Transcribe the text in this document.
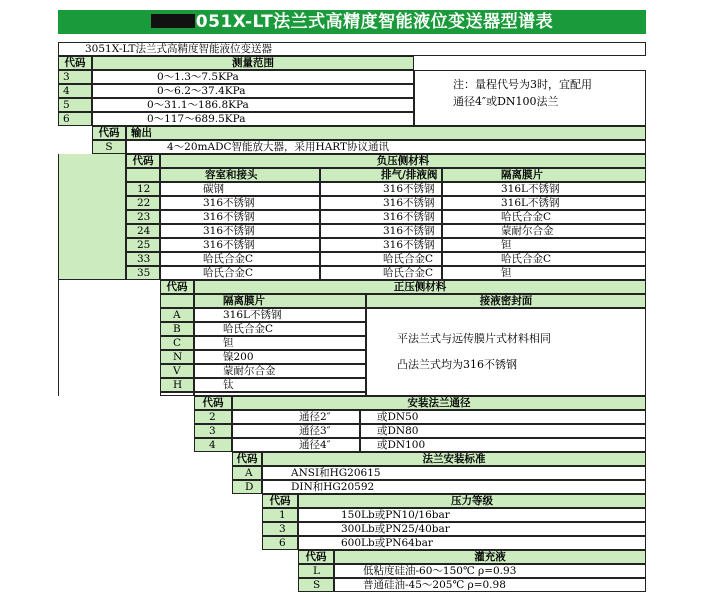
051X-LT法兰式高精度智能液位变送器型谱表
3051X-LT法兰式高精度智能液位变送器
代码	测量范围
3	0～1.3～7.5KPa
4	0～6.2～37.4KPa
5	0～31.1～186.8KPa
6	0～117～689.5KPa
注：量程代号为3时，宜配用
通径4″或DN100法兰
代码	输出
S	4～20mADC智能放大器，采用HART协议通讯
代码	负压侧材料
容室和接头	排气/排液阀	隔离膜片
12	碳钢	316不锈钢	316L不锈钢
22	316不锈钢	316不锈钢	316L不锈钢
23	316不锈钢	316不锈钢	哈氏合金C
24	316不锈钢	316不锈钢	蒙耐尔合金
25	316不锈钢	316不锈钢	钽
33	哈氏合金C	哈氏合金C	哈氏合金C
35	哈氏合金C	哈氏合金C	钽
代码	正压侧材料
隔离膜片	接液密封面
A	316L不锈钢
B	哈氏合金C
C	钽
N	镍200
V	蒙耐尔合金
H	钛
平法兰式与远传膜片式材料相同
凸法兰式均为316不锈钢
代码	安装法兰通径
2	通径2″	或DN50
3	通径3″	或DN80
4	通径4″	或DN100
代码	法兰安装标准
A	ANSI和HG20615
D	DIN和HG20592
代码	压力等级
1	150Lb或PN10/16bar
3	300Lb或PN25/40bar
6	600Lb或PN64bar
代码	灌充液
L	低粘度硅油-60～150℃ ρ=0.93
S	普通硅油-45～205℃ ρ=0.98
